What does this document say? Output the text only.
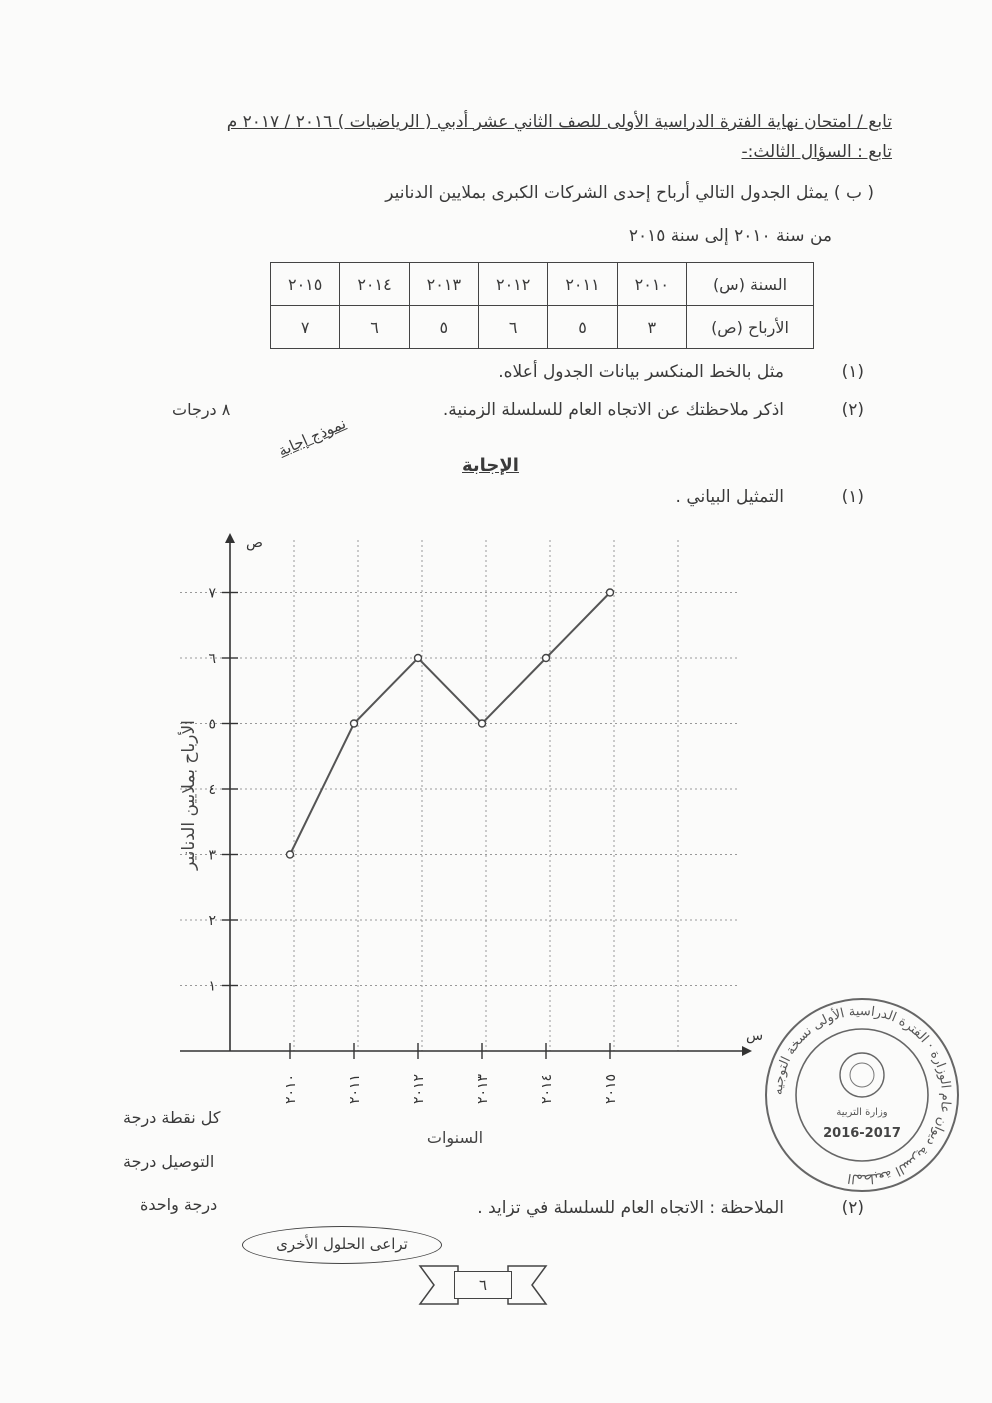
تابع / امتحان نهاية الفترة الدراسية الأولى للصف الثاني عشر أدبي ( الرياضيات ) ٢٠١٦ / ٢٠١٧ م
تابع : السؤال الثالث:-
( ب ) يمثل الجدول التالي أرباح إحدى الشركات الكبرى بملايين الدنانير
من سنة ٢٠١٠ إلى سنة ٢٠١٥
السنة (س)	٢٠١٠	٢٠١١	٢٠١٢	٢٠١٣	٢٠١٤	٢٠١٥
الأرباح (ص)	٣	٥	٦	٥	٦	٧
(١)
مثل بالخط المنكسر بيانات الجدول أعلاه.
(٢)
اذكر ملاحظتك عن الاتجاه العام للسلسلة الزمنية.
٨ درجات
نموذج إجابة
الإجابة
(١)
التمثيل البياني .
١
٢
٣
٤
٥
٦
٧
٢٠١٠	٢٠١١	٢٠١٢	٢٠١٣	٢٠١٤	٢٠١٥
ص
س
الأرباح بملايين الدنانير
السنوات
كل نقطة درجة
التوصيل درجة
درجة واحدة
المطبعة السرية ديوان عام الوزارة · الفترة الدراسية الأولى نسخة التوجيه
وزارة التربية
2016-2017
(٢)
الملاحظة : الاتجاه العام للسلسلة في تزايد .
تراعى الحلول الأخرى
٦
